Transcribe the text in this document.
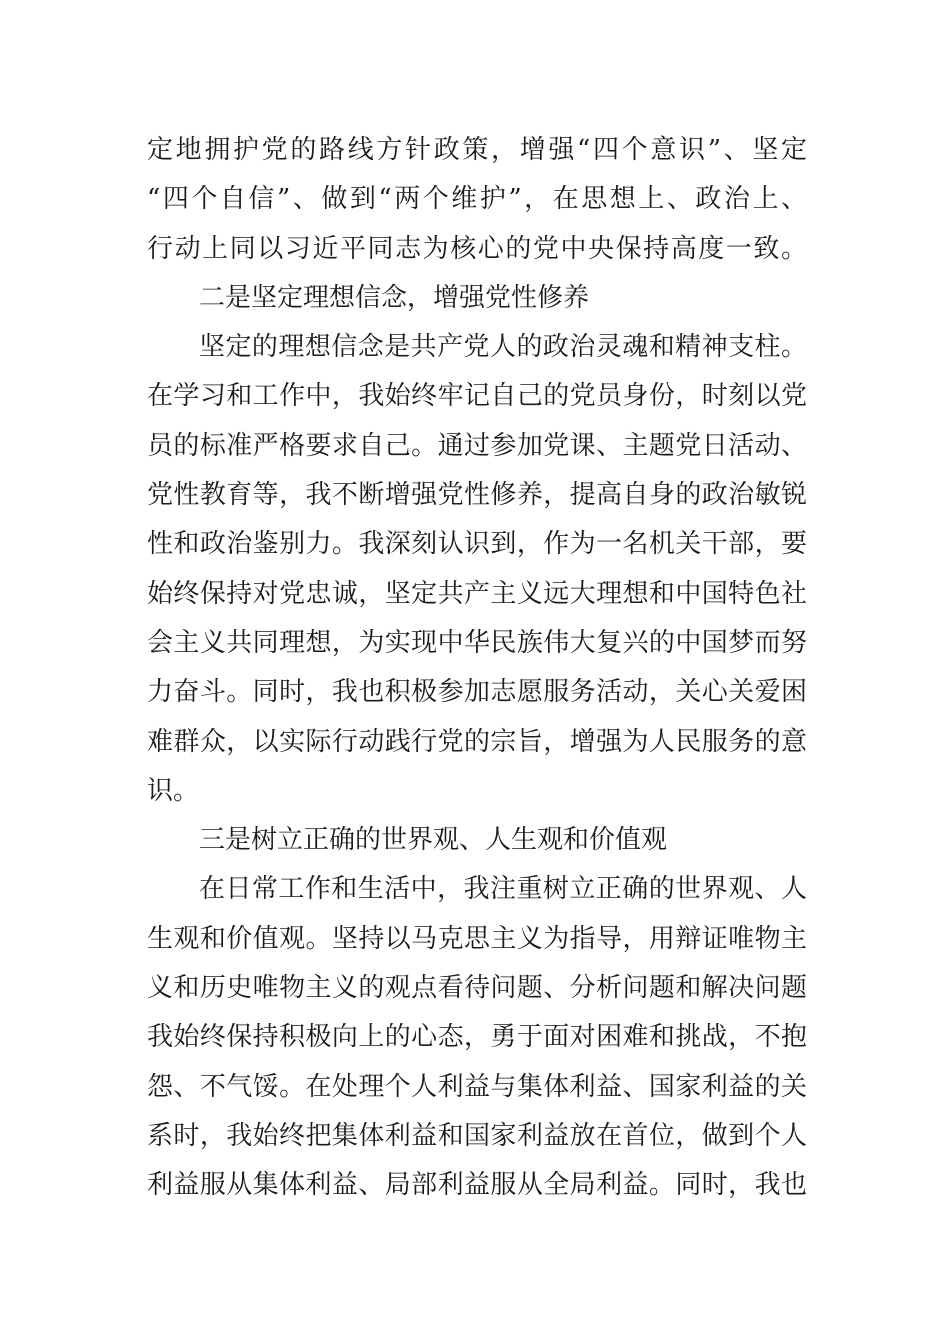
定地拥护党的路线方针政策，增强“四个意识”、坚定
“四个自信”、做到“两个维护”，在思想上、政治上、
行动上同以习近平同志为核心的党中央保持高度一致。
二是坚定理想信念，增强党性修养
坚定的理想信念是共产党人的政治灵魂和精神支柱。
在学习和工作中，我始终牢记自己的党员身份，时刻以党
员的标准严格要求自己。通过参加党课、主题党日活动、
党性教育等，我不断增强党性修养，提高自身的政治敏锐
性和政治鉴别力。我深刻认识到，作为一名机关干部，要
始终保持对党忠诚，坚定共产主义远大理想和中国特色社
会主义共同理想，为实现中华民族伟大复兴的中国梦而努
力奋斗。同时，我也积极参加志愿服务活动，关心关爱困
难群众，以实际行动践行党的宗旨，增强为人民服务的意
识。
三是树立正确的世界观、人生观和价值观
在日常工作和生活中，我注重树立正确的世界观、人
生观和价值观。坚持以马克思主义为指导，用辩证唯物主
义和历史唯物主义的观点看待问题、分析问题和解决问题
我始终保持积极向上的心态，勇于面对困难和挑战，不抱
怨、不气馁。在处理个人利益与集体利益、国家利益的关
系时，我始终把集体利益和国家利益放在首位，做到个人
利益服从集体利益、局部利益服从全局利益。同时，我也
